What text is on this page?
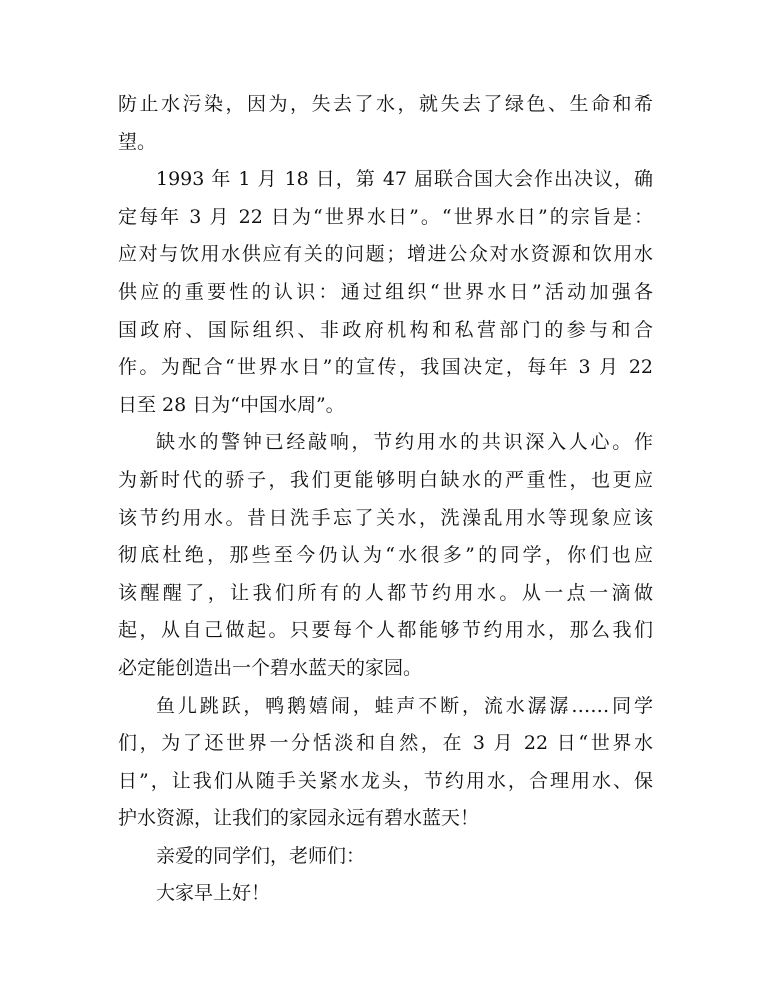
防止水污染，因为，失去了水，就失去了绿色、生命和希
望。
1993 年 1 月 18 日，第 47 届联合国大会作出决议，确
定每年 3 月 22 日为“世界水日”。“世界水日”的宗旨是：
应对与饮用水供应有关的问题；增进公众对水资源和饮用水
供应的重要性的认识：通过组织“世界水日”活动加强各
国政府、国际组织、非政府机构和私营部门的参与和合
作。为配合“世界水日”的宣传，我国决定，每年 3 月 22
日至 28 日为“中国水周”。
缺水的警钟已经敲响，节约用水的共识深入人心。作
为新时代的骄子，我们更能够明白缺水的严重性，也更应
该节约用水。昔日洗手忘了关水，洗澡乱用水等现象应该
彻底杜绝，那些至今仍认为“水很多”的同学，你们也应
该醒醒了，让我们所有的人都节约用水。从一点一滴做
起，从自己做起。只要每个人都能够节约用水，那么我们
必定能创造出一个碧水蓝天的家园。
鱼儿跳跃，鸭鹅嬉闹，蛙声不断，流水潺潺……同学
们，为了还世界一分恬淡和自然，在 3 月 22 日“世界水
日”，让我们从随手关紧水龙头，节约用水，合理用水、保
护水资源，让我们的家园永远有碧水蓝天！
亲爱的同学们，老师们：
大家早上好！
